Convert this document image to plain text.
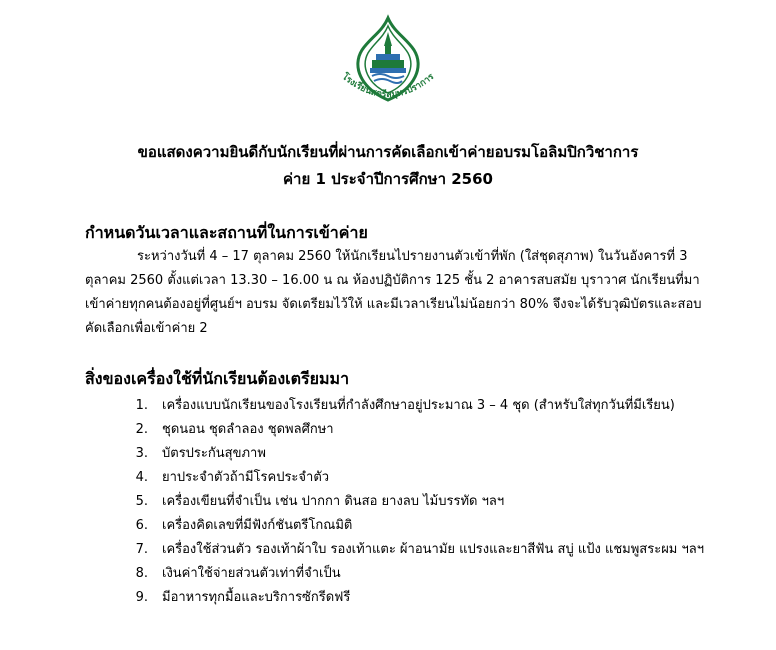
โรงเรียนสตรีสมุทรปราการ
ขอแสดงความยินดีกับนักเรียนที่ผ่านการคัดเลือกเข้าค่ายอบรมโอลิมปิกวิชาการ
ค่าย 1 ประจำปีการศึกษา 2560
กำหนดวันเวลาและสถานที่ในการเข้าค่าย
ระหว่างวันที่ 4 – 17 ตุลาคม 2560 ให้นักเรียนไปรายงานตัวเข้าที่พัก (ใส่ชุดสุภาพ) ในวันอังคารที่ 3
ตุลาคม 2560 ตั้งแต่เวลา 13.30 – 16.00 น ณ ห้องปฏิบัติการ 125 ชั้น 2 อาคารสบสมัย บุราวาศ นักเรียนที่มา
เข้าค่ายทุกคนต้องอยู่ที่ศูนย์ฯ อบรม จัดเตรียมไว้ให้ และมีเวลาเรียนไม่น้อยกว่า 80% จึงจะได้รับวุฒิบัตรและสอบ
คัดเลือกเพื่อเข้าค่าย 2
สิ่งของเครื่องใช้ที่นักเรียนต้องเตรียมมา
1.	เครื่องแบบนักเรียนของโรงเรียนที่กำลังศึกษาอยู่ประมาณ 3 – 4 ชุด (สำหรับใส่ทุกวันที่มีเรียน)
2.	ชุดนอน ชุดลำลอง ชุดพลศึกษา
3.	บัตรประกันสุขภาพ
4.	ยาประจำตัวถ้ามีโรคประจำตัว
5.	เครื่องเขียนที่จำเป็น เช่น ปากกา ดินสอ ยางลบ ไม้บรรทัด ฯลฯ
6.	เครื่องคิดเลขที่มีฟังก์ชันตรีโกณมิติ
7.	เครื่องใช้ส่วนตัว รองเท้าผ้าใบ รองเท้าแตะ ผ้าอนามัย แปรงและยาสีฟัน สบู่ แป้ง แชมพูสระผม ฯลฯ
8.	เงินค่าใช้จ่ายส่วนตัวเท่าที่จำเป็น
9.	มีอาหารทุกมื้อและบริการซักรีดฟรี
